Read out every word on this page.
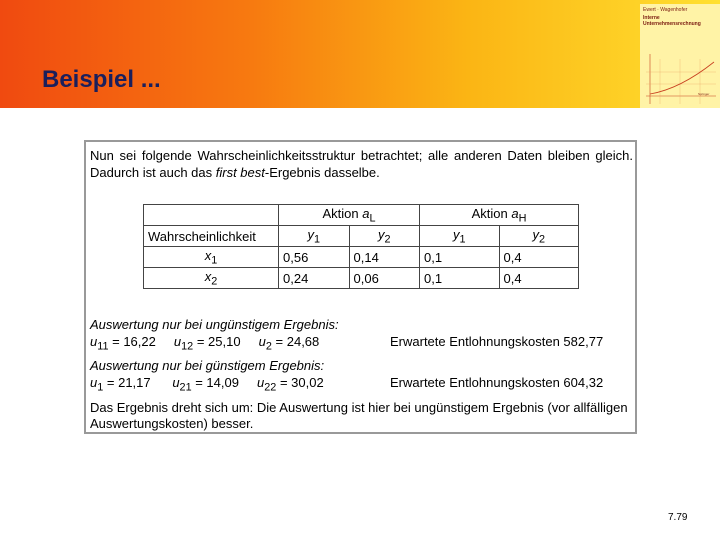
Beispiel ...
Ewert · Wagenhofer
Interne
Unternehmensrechnung
Springer

Nun sei folgende Wahrscheinlichkeitsstruktur betrachtet; alle anderen Daten bleiben gleich. Dadurch ist auch das first best-Ergebnis dasselbe.

	Aktion $a_L$		Aktion $a_H$
Wahrscheinlichkeit	$y_1$	$y_2$	$y_1$	$y_2$
$x_1$	0,56	0,14	0,1	0,4
$x_2$	0,24	0,06	0,1	0,4
Auswertung nur bei ungünstigem Ergebnis:
$u_{11} = 16,22$ $u_{12} = 25,10$ $u_2 = 24,68$	Erwartete Entlohnungskosten 582,77
Auswertung nur bei günstigem Ergebnis:
$u_1 = 21,17$ $u_{21} = 14,09$ $u_{22} = 30,02$	Erwartete Entlohnungskosten 604,32

Das Ergebnis dreht sich um: Die Auswertung ist hier bei ungünstigem Ergebnis (vor allfälligen Auswertungskosten) besser.

7.79
